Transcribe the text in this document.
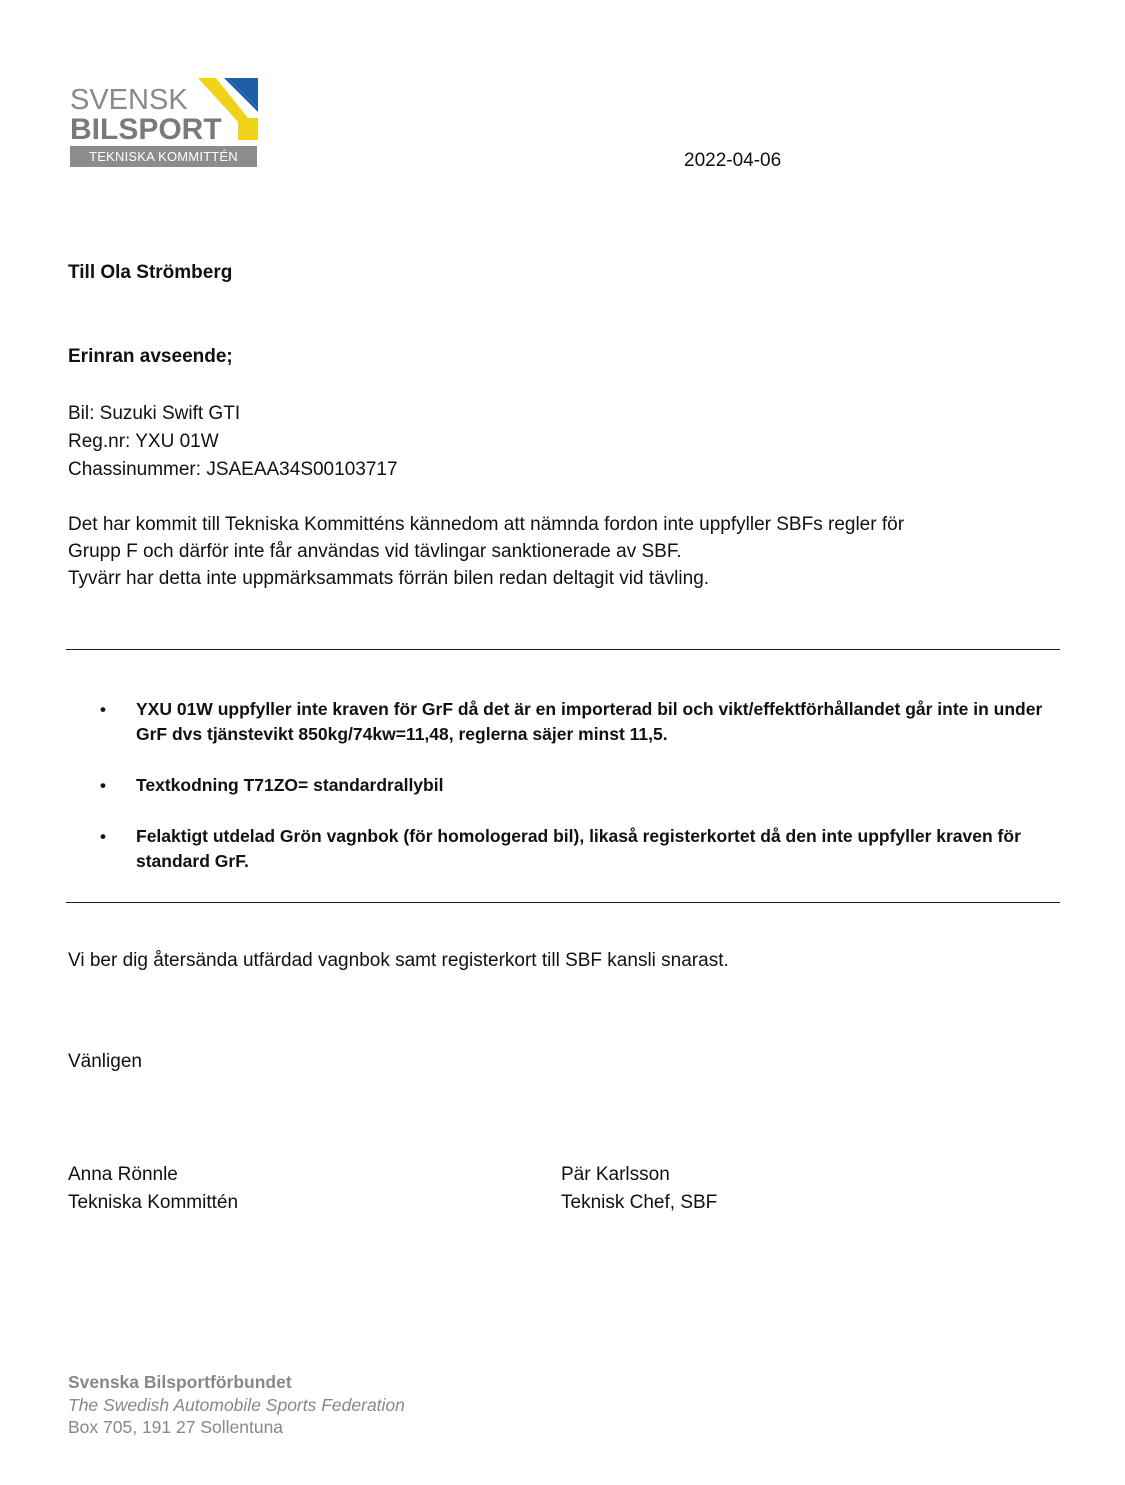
SVENSK
BILSPORT
TEKNISKA KOMMITTÉN	2022-04-06
Till Ola Strömberg
Erinran avseende;
Bil: Suzuki Swift GTI
Reg.nr: YXU 01W
Chassinummer: JSAEAA34S00103717
Det har kommit till Tekniska Kommitténs kännedom att nämnda fordon inte uppfyller SBFs regler för
Grupp F och därför inte får användas vid tävlingar sanktionerade av SBF.
Tyvärr har detta inte uppmärksammats förrän bilen redan deltagit vid tävling.
• YXU 01W uppfyller inte kraven för GrF då det är en importerad bil och vikt/effektförhållandet går inte in under GrF dvs tjänstevikt 850kg/74kw=11,48, reglerna säjer minst 11,5.
• Textkodning T71ZO= standardrallybil
• Felaktigt utdelad Grön vagnbok (för homologerad bil), likaså registerkortet då den inte uppfyller kraven för standard GrF.
Vi ber dig återsända utfärdad vagnbok samt registerkort till SBF kansli snarast.
Vänligen
Anna Rönnle
Tekniska Kommittén
Pär Karlsson
Teknisk Chef, SBF
Svenska Bilsportförbundet
The Swedish Automobile Sports Federation
Box 705, 191 27 Sollentuna
